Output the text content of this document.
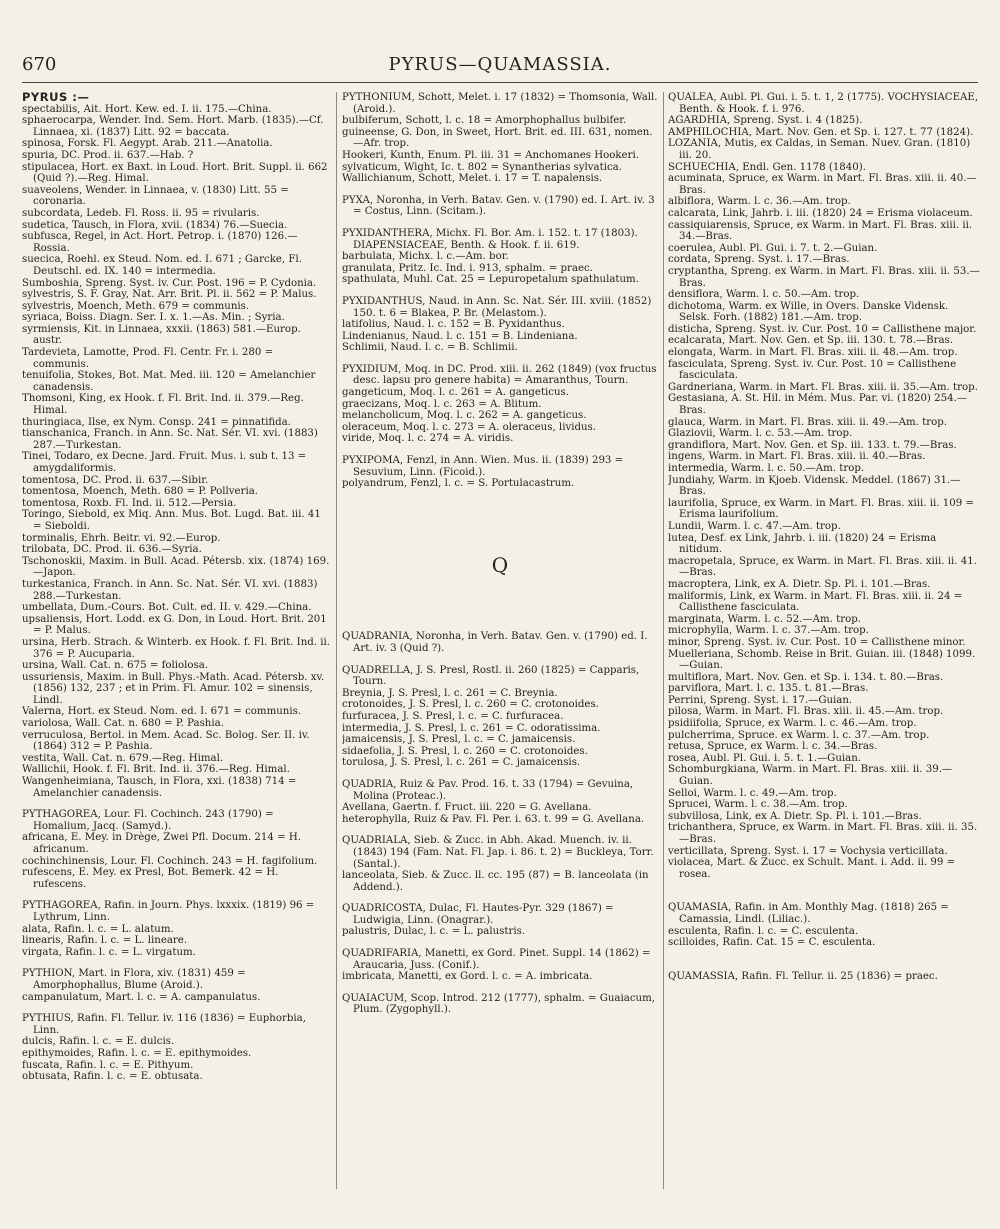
670	PYRUS—QUAMASSIA.
PYRUS :—
spectabilis, Ait. Hort. Kew. ed. I. ii. 175.—China.
sphaerocarpa, Wender. Ind. Sem. Hort. Marb. (1835).—Cf. Linnaea, xi. (1837) Litt. 92 = baccata.
spinosa, Forsk. Fl. Aegypt. Arab. 211.—Anatolia.
spuria, DC. Prod. ii. 637.—Hab. ?
stipulacea, Hort. ex Baxt. in Loud. Hort. Brit. Suppl. ii. 662 (Quid ?).—Reg. Himal.
suaveolens, Wender. in Linnaea, v. (1830) Litt. 55 = coronaria.
subcordata, Ledeb. Fl. Ross. ii. 95 = rivularis.
sudetica, Tausch, in Flora, xvii. (1834) 76.—Suecia.
subfusca, Regel, in Act. Hort. Petrop. i. (1870) 126.—Rossia.
suecica, Roehl. ex Steud. Nom. ed. I. 671 ; Garcke, Fl. Deutschl. ed. IX. 140 = intermedia.
Sumboshia, Spreng. Syst. iv. Cur. Post. 196 = P. Cydonia.
sylvestris, S. F. Gray, Nat. Arr. Brit. Pl. ii. 562 = P. Malus.
sylvestris, Moench, Meth. 679 = communis.
syriaca, Boiss. Diagn. Ser. I. x. 1.—As. Min. ; Syria.
syrmiensis, Kit. in Linnaea, xxxii. (1863) 581.—Europ. austr.
Tardevieta, Lamotte, Prod. Fl. Centr. Fr. i. 280 = communis.
tenuifolia, Stokes, Bot. Mat. Med. iii. 120 = Amelanchier canadensis.
Thomsoni, King, ex Hook. f. Fl. Brit. Ind. ii. 379.—Reg. Himal.
thuringiaca, Ilse, ex Nym. Consp. 241 = pinnatifida.
tianschanica, Franch. in Ann. Sc. Nat. Sér. VI. xvi. (1883) 287.—Turkestan.
Tinei, Todaro, ex Decne. Jard. Fruit. Mus. i. sub t. 13 = amygdaliformis.
tomentosa, DC. Prod. ii. 637.—Sibir.
tomentosa, Moench, Meth. 680 = P. Pollveria.
tomentosa, Roxb. Fl. Ind. ii. 512.—Persia.
Toringo, Siebold, ex Miq. Ann. Mus. Bot. Lugd. Bat. iii. 41 = Sieboldi.
torminalis, Ehrh. Beitr. vi. 92.—Europ.
trilobata, DC. Prod. ii. 636.—Syria.
Tschonoskii, Maxim. in Bull. Acad. Pétersb. xix. (1874) 169.—Japon.
turkestanica, Franch. in Ann. Sc. Nat. Sér. VI. xvi. (1883) 288.—Turkestan.
umbellata, Dum.-Cours. Bot. Cult. ed. II. v. 429.—China.
upsaliensis, Hort. Lodd. ex G. Don, in Loud. Hort. Brit. 201 = P. Malus.
ursina, Herb. Strach. & Winterb. ex Hook. f. Fl. Brit. Ind. ii. 376 = P. Aucuparia.
ursina, Wall. Cat. n. 675 = foliolosa.
ussuriensis, Maxim. in Bull. Phys.-Math. Acad. Pétersb. xv. (1856) 132, 237 ; et in Prim. Fl. Amur. 102 = sinensis, Lindl.
Valerna, Hort. ex Steud. Nom. ed. I. 671 = communis.
variolosa, Wall. Cat. n. 680 = P. Pashia.
verruculosa, Bertol. in Mem. Acad. Sc. Bolog. Ser. II. iv. (1864) 312 = P. Pashia.
vestita, Wall. Cat. n. 679.—Reg. Himal.
Wallichii, Hook. f. Fl. Brit. Ind. ii. 376.—Reg. Himal.
Wangenheimiana, Tausch, in Flora, xxi. (1838) 714 = Amelanchier canadensis.
PYTHAGOREA, Lour. Fl. Cochinch. 243 (1790) = Homalium, Jacq. (Samyd.).
africana, E. Mey. in Drège, Zwei Pfl. Docum. 214 = H. africanum.
cochinchinensis, Lour. Fl. Cochinch. 243 = H. fagifolium.
rufescens, E. Mey. ex Presl, Bot. Bemerk. 42 = H. rufescens.
PYTHAGOREA, Rafin. in Journ. Phys. lxxxix. (1819) 96 = Lythrum, Linn.
alata, Rafin. l. c. = L. alatum.
linearis, Rafin. l. c. = L. lineare.
virgata, Rafin. l. c. = L. virgatum.
PYTHION, Mart. in Flora, xiv. (1831) 459 = Amorphophallus, Blume (Aroid.).
campanulatum, Mart. l. c. = A. campanulatus.
PYTHIUS, Rafin. Fl. Tellur. iv. 116 (1836) = Euphorbia, Linn.
dulcis, Rafin. l. c. = E. dulcis.
epithymoides, Rafin. l. c. = E. epithymoides.
fuscata, Rafin. l. c. = E. Pithyum.
obtusata, Rafin. l. c. = E. obtusata.
PYTHONIUM, Schott, Melet. i. 17 (1832) = Thomsonia, Wall. (Aroid.).
bulbiferum, Schott, l. c. 18 = Amorphophallus bulbifer.
guineense, G. Don, in Sweet, Hort. Brit. ed. III. 631, nomen.—Afr. trop.
Hookeri, Kunth, Enum. Pl. iii. 31 = Anchomanes Hookeri.
sylvaticum, Wight, Ic. t. 802 = Synantherias sylvatica.
Wallichianum, Schott, Melet. i. 17 = T. napalensis.
PYXA, Noronha, in Verh. Batav. Gen. v. (1790) ed. I. Art. iv. 3 = Costus, Linn. (Scitam.).
PYXIDANTHERA, Michx. Fl. Bor. Am. i. 152. t. 17 (1803). DIAPENSIACEAE, Benth. & Hook. f. ii. 619.
barbulata, Michx. l. c.—Am. bor.
granulata, Pritz. Ic. Ind. i. 913, sphalm. = praec.
spathulata, Muhl. Cat. 25 = Lepuropetalum spathulatum.
PYXIDANTHUS, Naud. in Ann. Sc. Nat. Sér. III. xviii. (1852) 150. t. 6 = Blakea, P. Br. (Melastom.).
latifolius, Naud. l. c. 152 = B. Pyxidanthus.
Lindenianus, Naud. l. c. 151 = B. Lindeniana.
Schlimii, Naud. l. c. = B. Schlimii.
PYXIDIUM, Moq. in DC. Prod. xiii. ii. 262 (1849) (vox fructus desc. lapsu pro genere habita) = Amaranthus, Tourn.
gangeticum, Moq. l. c. 261 = A. gangeticus.
graecizans, Moq. l. c. 263 = A. Blitum.
melancholicum, Moq. l. c. 262 = A. gangeticus.
oleraceum, Moq. l. c. 273 = A. oleraceus, lividus.
viride, Moq. l. c. 274 = A. viridis.
PYXIPOMA, Fenzl, in Ann. Wien. Mus. ii. (1839) 293 = Sesuvium, Linn. (Ficoid.).
polyandrum, Fenzl, l. c. = S. Portulacastrum.
Q
QUADRANIA, Noronha, in Verh. Batav. Gen. v. (1790) ed. I. Art. iv. 3 (Quid ?).
QUADRELLA, J. S. Presl, Rostl. ii. 260 (1825) = Capparis, Tourn.
Breynia, J. S. Presl, l. c. 261 = C. Breynia.
crotonoides, J. S. Presl, l. c. 260 = C. crotonoides.
furfuracea, J. S. Presl, l. c. = C. furfuracea.
intermedia, J. S. Presl, l. c. 261 = C. odoratissima.
jamaicensis, J. S. Presl, l. c. = C. jamaicensis.
sidaefolia, J. S. Presl, l. c. 260 = C. crotonoides.
torulosa, J. S. Presl, l. c. 261 = C. jamaicensis.
QUADRIA, Ruiz & Pav. Prod. 16. t. 33 (1794) = Gevuina, Molina (Proteac.).
Avellana, Gaertn. f. Fruct. iii. 220 = G. Avellana.
heterophylla, Ruiz & Pav. Fl. Per. i. 63. t. 99 = G. Avellana.
QUADRIALA, Sieb. & Zucc. in Abh. Akad. Muench. iv. ii. (1843) 194 (Fam. Nat. Fl. Jap. i. 86. t. 2) = Buckleya, Torr. (Santal.).
lanceolata, Sieb. & Zucc. ll. cc. 195 (87) = B. lanceolata (in Addend.).
QUADRICOSTA, Dulac, Fl. Hautes-Pyr. 329 (1867) = Ludwigia, Linn. (Onagrar.).
palustris, Dulac, l. c. = L. palustris.
QUADRIFARIA, Manetti, ex Gord. Pinet. Suppl. 14 (1862) = Araucaria, Juss. (Conif.).
imbricata, Manetti, ex Gord. l. c. = A. imbricata.
QUAIACUM, Scop. Introd. 212 (1777), sphalm. = Guaiacum, Plum. (Zygophyll.).
QUALEA, Aubl. Pl. Gui. i. 5. t. 1, 2 (1775). VOCHYSIACEAE, Benth. & Hook. f. i. 976.
AGARDHIA, Spreng. Syst. i. 4 (1825).
AMPHILOCHIA, Mart. Nov. Gen. et Sp. i. 127. t. 77 (1824).
LOZANIA, Mutis, ex Caldas, in Seman. Nuev. Gran. (1810) iii. 20.
SCHUECHIA, Endl. Gen. 1178 (1840).
acuminata, Spruce, ex Warm. in Mart. Fl. Bras. xiii. ii. 40.—Bras.
albiflora, Warm. l. c. 36.—Am. trop.
calcarata, Link, Jahrb. i. iii. (1820) 24 = Erisma violaceum.
cassiquiarensis, Spruce, ex Warm. in Mart. Fl. Bras. xiii. ii. 34.—Bras.
coerulea, Aubl. Pl. Gui. i. 7. t. 2.—Guian.
cordata, Spreng. Syst. i. 17.—Bras.
cryptantha, Spreng. ex Warm. in Mart. Fl. Bras. xiii. ii. 53.—Bras.
densiflora, Warm. l. c. 50.—Am. trop.
dichotoma, Warm. ex Wille, in Overs. Danske Vidensk. Selsk. Forh. (1882) 181.—Am. trop.
disticha, Spreng. Syst. iv. Cur. Post. 10 = Callisthene major.
ecalcarata, Mart. Nov. Gen. et Sp. iii. 130. t. 78.—Bras.
elongata, Warm. in Mart. Fl. Bras. xiii. ii. 48.—Am. trop.
fasciculata, Spreng. Syst. iv. Cur. Post. 10 = Callisthene fasciculata.
Gardneriana, Warm. in Mart. Fl. Bras. xiii. ii. 35.—Am. trop.
Gestasiana, A. St. Hil. in Mém. Mus. Par. vi. (1820) 254.—Bras.
glauca, Warm. in Mart. Fl. Bras. xiii. ii. 49.—Am. trop.
Glaziovii, Warm. l. c. 53.—Am. trop.
grandiflora, Mart. Nov. Gen. et Sp. iii. 133. t. 79.—Bras.
ingens, Warm. in Mart. Fl. Bras. xiii. ii. 40.—Bras.
intermedia, Warm. l. c. 50.—Am. trop.
Jundiahy, Warm. in Kjoeb. Vidensk. Meddel. (1867) 31.—Bras.
laurifolia, Spruce, ex Warm. in Mart. Fl. Bras. xiii. ii. 109 = Erisma laurifolium.
Lundii, Warm. l. c. 47.—Am. trop.
lutea, Desf. ex Link, Jahrb. i. iii. (1820) 24 = Erisma nitidum.
macropetala, Spruce, ex Warm. in Mart. Fl. Bras. xiii. ii. 41.—Bras.
macroptera, Link, ex A. Dietr. Sp. Pl. i. 101.—Bras.
maliformis, Link, ex Warm. in Mart. Fl. Bras. xiii. ii. 24 = Callisthene fasciculata.
marginata, Warm. l. c. 52.—Am. trop.
microphylla, Warm. l. c. 37.—Am. trop.
minor, Spreng. Syst. iv. Cur. Post. 10 = Callisthene minor.
Muelleriana, Schomb. Reise in Brit. Guian. iii. (1848) 1099.—Guian.
multiflora, Mart. Nov. Gen. et Sp. i. 134. t. 80.—Bras.
parviflora, Mart. l. c. 135. t. 81.—Bras.
Perrini, Spreng. Syst. i. 17.—Guian.
pilosa, Warm. in Mart. Fl. Bras. xiii. ii. 45.—Am. trop.
psidiifolia, Spruce, ex Warm. l. c. 46.—Am. trop.
pulcherrima, Spruce. ex Warm. l. c. 37.—Am. trop.
retusa, Spruce, ex Warm. l. c. 34.—Bras.
rosea, Aubl. Pl. Gui. i. 5. t. 1.—Guian.
Schomburgkiana, Warm. in Mart. Fl. Bras. xiii. ii. 39.—Guian.
Selloi, Warm. l. c. 49.—Am. trop.
Sprucei, Warm. l. c. 38.—Am. trop.
subvillosa, Link, ex A. Dietr. Sp. Pl. i. 101.—Bras.
trichanthera, Spruce, ex Warm. in Mart. Fl. Bras. xiii. ii. 35.—Bras.
verticillata, Spreng. Syst. i. 17 = Vochysia verticillata.
violacea, Mart. & Zucc. ex Schult. Mant. i. Add. ii. 99 = rosea.
QUAMASIA, Rafin. in Am. Monthly Mag. (1818) 265 = Camassia, Lindl. (Liliac.).
esculenta, Rafin. l. c. = C. esculenta.
scilloides, Rafin. Cat. 15 = C. esculenta.
QUAMASSIA, Rafin. Fl. Tellur. ii. 25 (1836) = praec.
